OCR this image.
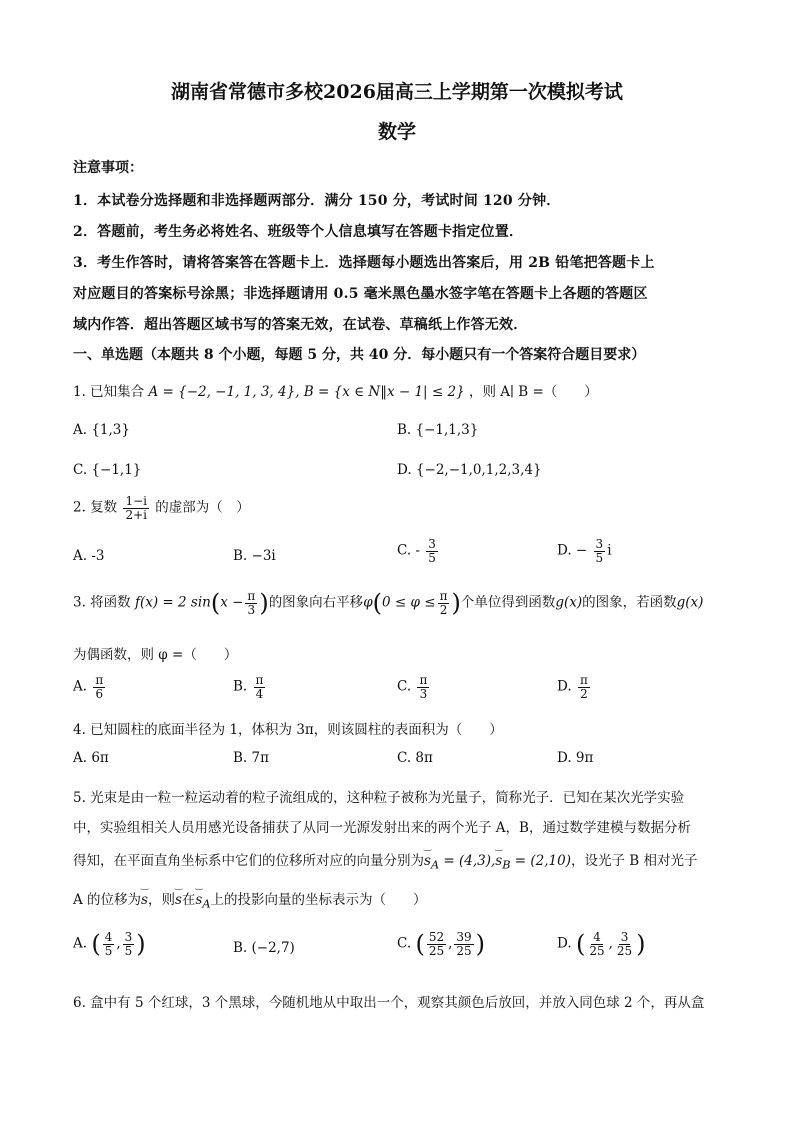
湖南省常德市多校2026届高三上学期第一次模拟考试
数学
注意事项：
1．本试卷分选择题和非选择题两部分．满分 150 分，考试时间 120 分钟．
2．答题前，考生务必将姓名、班级等个人信息填写在答题卡指定位置．
3．考生作答时，请将答案答在答题卡上．选择题每小题选出答案后，用 2B 铅笔把答题卡上
对应题目的答案标号涂黑；非选择题请用 0.5 毫米黑色墨水签字笔在答题卡上各题的答题区
域内作答．超出答题区域书写的答案无效，在试卷、草稿纸上作答无效．
一、单选题（本题共 8 个小题，每题 5 分，共 40 分．每小题只有一个答案符合题目要求）
1. 已知集合 A = {−2, −1, 1, 3, 4}, B = {x ∈ N‖x − 1| ≤ 2} ，则 A∣ B =（　　）
A. {1,3}	B. {−1,1,3}
C. {−1,1}	D. {−2,−1,0,1,2,3,4}
2. 复数 $\frac{1-i}{2+i}$ 的虚部为（　）
A. -3	B. −3i	C. - $\frac{3}{5}$	D. − $\frac{3}{5}$ i
3. 将函数 f(x) = 2 $\sin(x - \frac{\pi}{3}$ )的图象向右平移$\varphi(0 \le \varphi \le \frac{\pi}{2}$ )个单位得到函数g(x)的图象，若函数g(x)
为偶函数，则 φ =（　　）
A. $\frac{\pi}{6}$	B. $\frac{\pi}{4}$	C. $\frac{\pi}{3}$	D. $\frac{\pi}{2}$
4. 已知圆柱的底面半径为 1，体积为 3π，则该圆柱的表面积为（　　）
A. 6π	B. 7π	C. 8π	D. 9π
5. 光束是由一粒一粒运动着的粒子流组成的，这种粒子被称为光量子，简称光子．已知在某次光学实验
中，实验组相关人员用感光设备捕获了从同一光源发射出来的两个光子 A，B，通过数学建模与数据分析
得知，在平面直角坐标系中它们的位移所对应的向量分别为‿ $s_A$ = (4,3),‿ $s_B = (2,10)$，设光子 B 相对光子
A 的位移为‿ s，则‿ s在‿ $s_A$上的投影向量的坐标表示为（　　）
A. ( $\frac{4}{5}$ , $\frac{3}{5}$ )	B. (−2,7)	C. ( $\frac{52}{25}$ , $\frac{39}{25}$ )	D. ( $\frac{4}{25}$ , $\frac{3}{25}$ )
6. 盒中有 5 个红球，3 个黑球，今随机地从中取出一个，观察其颜色后放回，并放入同色球 2 个，再从盒
